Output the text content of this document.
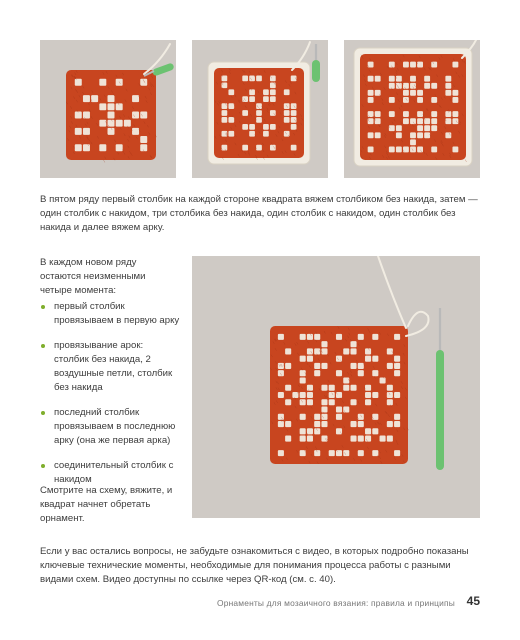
В пятом ряду первый столбик на каждой стороне квадрата вяжем столбиком без накида, затем — один столбик с накидом, три столбика без накида, один столбик с накидом, один столбик без накида и далее вяжем арку.

В каждом новом ряду остаются неизменными четыре момента:

первый столбик провязываем в первую арку
провязывание арок: столбик без накида, 2 воздушные петли, столбик без накида
последний столбик провязываем в последнюю арку (она же первая арка)
соединительный столбик с накидом

Смотрите на схему, вяжите, и квадрат начнет обретать орнамент.

Если у вас остались вопросы, не забудьте ознакомиться с видео, в которых подробно показаны ключевые технические моменты, необходимые для понимания процесса работы с разными видами схем. Видео доступны по ссылке через QR-код (см. с. 40).

Орнаменты для мозаичного вязания: правила и принципы 45
